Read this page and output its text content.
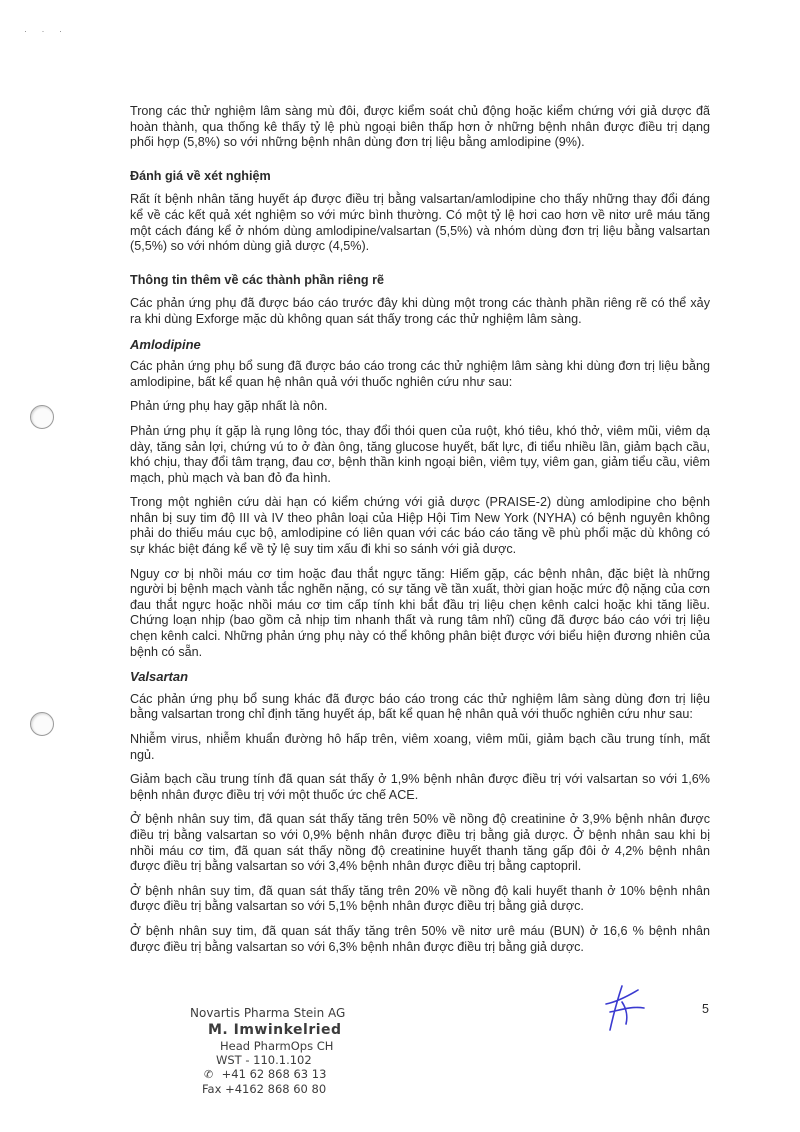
· · ·

Trong các thử nghiệm lâm sàng mù đôi, được kiểm soát chủ động hoặc kiểm chứng với giả dược đã hoàn thành, qua thống kê thấy tỷ lệ phù ngoại biên thấp hơn ở những bệnh nhân được điều trị dạng phối hợp (5,8%) so với những bệnh nhân dùng đơn trị liệu bằng amlodipine (9%).

Đánh giá về xét nghiệm

Rất ít bệnh nhân tăng huyết áp được điều trị bằng valsartan/amlodipine cho thấy những thay đổi đáng kể về các kết quả xét nghiệm so với mức bình thường. Có một tỷ lệ hơi cao hơn về nitơ urê máu tăng một cách đáng kể ở nhóm dùng amlodipine/valsartan (5,5%) và nhóm dùng đơn trị liệu bằng valsartan (5,5%) so với nhóm dùng giả dược (4,5%).

Thông tin thêm về các thành phần riêng rẽ

Các phản ứng phụ đã được báo cáo trước đây khi dùng một trong các thành phần riêng rẽ có thể xảy ra khi dùng Exforge mặc dù không quan sát thấy trong các thử nghiệm lâm sàng.

Amlodipine

Các phản ứng phụ bổ sung đã được báo cáo trong các thử nghiệm lâm sàng khi dùng đơn trị liệu bằng amlodipine, bất kể quan hệ nhân quả với thuốc nghiên cứu như sau:

Phản ứng phụ hay gặp nhất là nôn.

Phản ứng phụ ít gặp là rụng lông tóc, thay đổi thói quen của ruột, khó tiêu, khó thở, viêm mũi, viêm dạ dày, tăng sản lợi, chứng vú to ở đàn ông, tăng glucose huyết, bất lực, đi tiểu nhiều lần, giảm bạch cầu, khó chịu, thay đổi tâm trạng, đau cơ, bệnh thần kinh ngoại biên, viêm tụy, viêm gan, giảm tiểu cầu, viêm mạch, phù mạch và ban đỏ đa hình.

Trong một nghiên cứu dài hạn có kiểm chứng với giả dược (PRAISE-2) dùng amlodipine cho bệnh nhân bị suy tim độ III và IV theo phân loại của Hiệp Hội Tim New York (NYHA) có bệnh nguyên không phải do thiếu máu cục bộ, amlodipine có liên quan với các báo cáo tăng về phù phổi mặc dù không có sự khác biệt đáng kể về tỷ lệ suy tim xấu đi khi so sánh với giả dược.

Nguy cơ bị nhồi máu cơ tim hoặc đau thắt ngực tăng: Hiếm gặp, các bệnh nhân, đặc biệt là những người bị bệnh mạch vành tắc nghẽn nặng, có sự tăng về tần xuất, thời gian hoặc mức độ nặng của cơn đau thắt ngực hoặc nhồi máu cơ tim cấp tính khi bắt đầu trị liệu chẹn kênh calci hoặc khi tăng liều. Chứng loạn nhịp (bao gồm cả nhịp tim nhanh thất và rung tâm nhĩ) cũng đã được báo cáo với trị liệu chẹn kênh calci. Những phản ứng phụ này có thể không phân biệt được với biểu hiện đương nhiên của bệnh có sẵn.

Valsartan

Các phản ứng phụ bổ sung khác đã được báo cáo trong các thử nghiệm lâm sàng dùng đơn trị liệu bằng valsartan trong chỉ định tăng huyết áp, bất kể quan hệ nhân quả với thuốc nghiên cứu như sau:

Nhiễm virus, nhiễm khuẩn đường hô hấp trên, viêm xoang, viêm mũi, giảm bạch cầu trung tính, mất ngủ.

Giảm bạch cầu trung tính đã quan sát thấy ở 1,9% bệnh nhân được điều trị với valsartan so với 1,6% bệnh nhân được điều trị với một thuốc ức chế ACE.

Ở bệnh nhân suy tim, đã quan sát thấy tăng trên 50% về nồng độ creatinine ở 3,9% bệnh nhân được điều trị bằng valsartan so với 0,9% bệnh nhân được điều trị bằng giả dược. Ở bệnh nhân sau khi bị nhồi máu cơ tim, đã quan sát thấy nồng độ creatinine huyết thanh tăng gấp đôi ở 4,2% bệnh nhân được điều trị bằng valsartan so với 3,4% bệnh nhân được điều trị bằng captopril.

Ở bệnh nhân suy tim, đã quan sát thấy tăng trên 20% về nồng độ kali huyết thanh ở 10% bệnh nhân được điều trị bằng valsartan so với 5,1% bệnh nhân được điều trị bằng giả dược.

Ở bệnh nhân suy tim, đã quan sát thấy tăng trên 50% về nitơ urê máu (BUN) ở 16,6 % bệnh nhân được điều trị bằng valsartan so với 6,3% bệnh nhân được điều trị bằng giả dược.

5
Novartis Pharma Stein AG
M. Imwinkelried
Head PharmOps CH
WST - 110.1.102
✆ +41 62 868 63 13
Fax +4162 868 60 80
